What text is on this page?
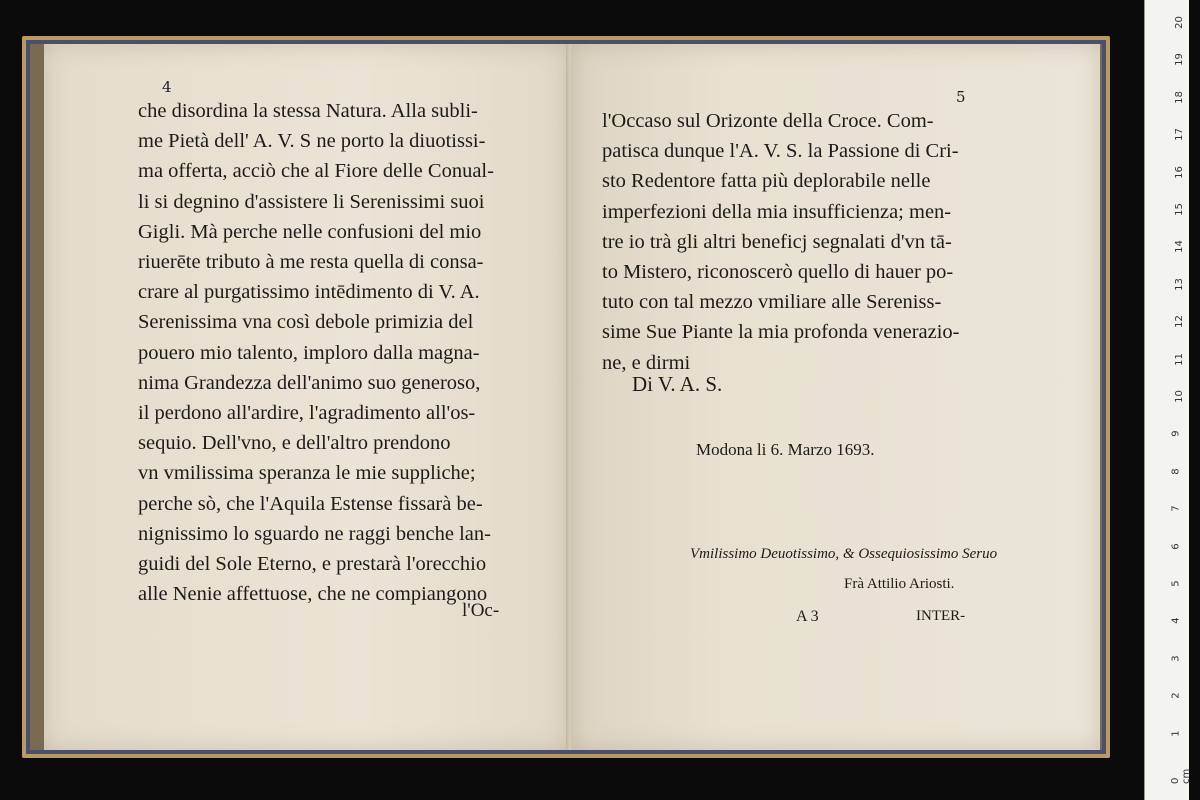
4
che disordina la stessa Natura. Alla subli-
me Pietà dell' A. V. S ne porto la diuotissi-
ma offerta, acciò che al Fiore delle Conual-
li si degnino d'assistere li Serenissimi suoi
Gigli. Mà perche nelle confusioni del mio
riuerēte tributo à me resta quella di consa-
crare al purgatissimo intēdimento di V. A.
Serenissima vna così debole primizia del
pouero mio talento, imploro dalla magna-
nima Grandezza dell'animo suo generoso,
il perdono all'ardire, l'agradimento all'os-
sequio. Dell'vno, e dell'altro prendono
vn vmilissima speranza le mie suppliche;
perche sò, che l'Aquila Estense fissarà be-
nignissimo lo sguardo ne raggi benche lan-
guidi del Sole Eterno, e prestarà l'orecchio
alle Nenie affettuose, che ne compiangono
l'Oc-
5
l'Occaso sul Orizonte della Croce. Com-
patisca dunque l'A. V. S. la Passione di Cri-
sto Redentore fatta più deplorabile nelle
imperfezioni della mia insufficienza; men-
tre io trà gli altri beneficj segnalati d'vn tā-
to Mistero, riconoscerò quello di hauer po-
tuto con tal mezzo vmiliare alle Sereniss-
sime Sue Piante la mia profonda venerazio-
ne, e dirmi
Di V. A. S.
Modona li 6. Marzo 1693.
Vmilissimo Deuotissimo, & Ossequiosissimo Seruo
Frà Attilio Ariosti.
A 3	INTER-
0 cm
1
2
3
4
5
6
7
8
9
10
11
12
13
14
15
16
17
18
19
20
